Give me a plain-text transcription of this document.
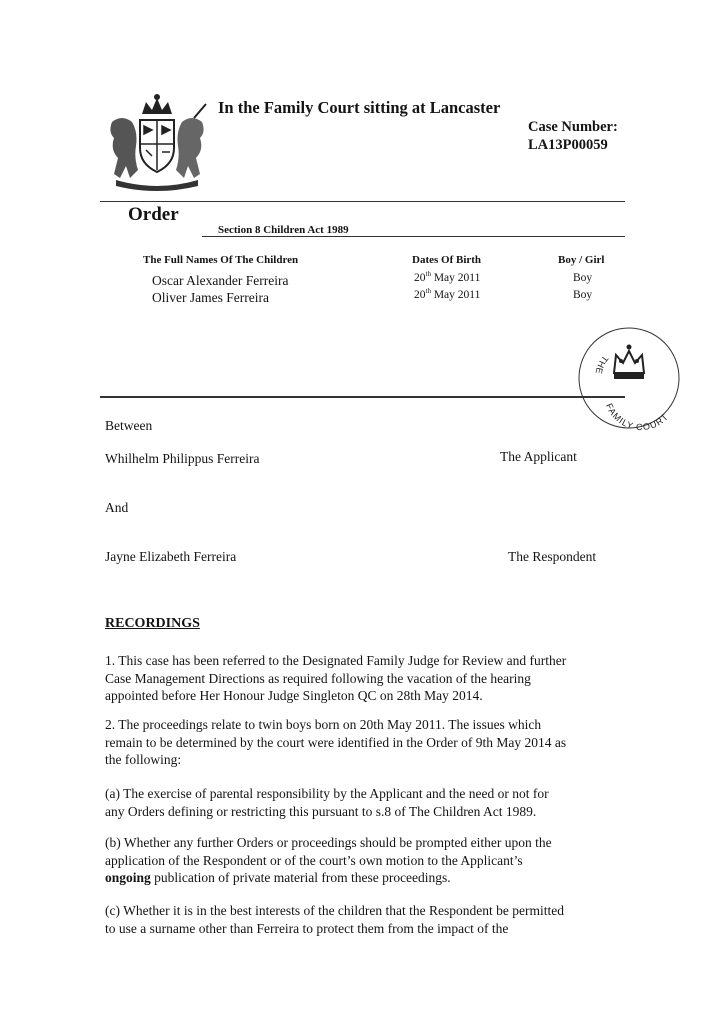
In the Family Court sitting at Lancaster
Case Number:
LA13P00059
Order
Section 8 Children Act 1989
The Full Names Of The Children	Dates Of Birth	Boy / Girl
Oscar Alexander Ferreira	20th May 2011	Boy
Oliver James Ferreira	20th May 2011	Boy
THE
FAMILY COURT
Between
Whilhelm Philippus Ferreira	The Applicant
And
Jayne Elizabeth Ferreira	The Respondent
RECORDINGS
1. This case has been referred to the Designated Family Judge for Review and further
Case Management Directions as required following the vacation of the hearing
appointed before Her Honour Judge Singleton QC on 28th May 2014.
2. The proceedings relate to twin boys born on 20th May 2011. The issues which
remain to be determined by the court were identified in the Order of 9th May 2014 as
the following:
(a) The exercise of parental responsibility by the Applicant and the need or not for
any Orders defining or restricting this pursuant to s.8 of The Children Act 1989.
(b) Whether any further Orders or proceedings should be prompted either upon the
application of the Respondent or of the court’s own motion to the Applicant’s
ongoing publication of private material from these proceedings.
(c) Whether it is in the best interests of the children that the Respondent be permitted
to use a surname other than Ferreira to protect them from the impact of the
